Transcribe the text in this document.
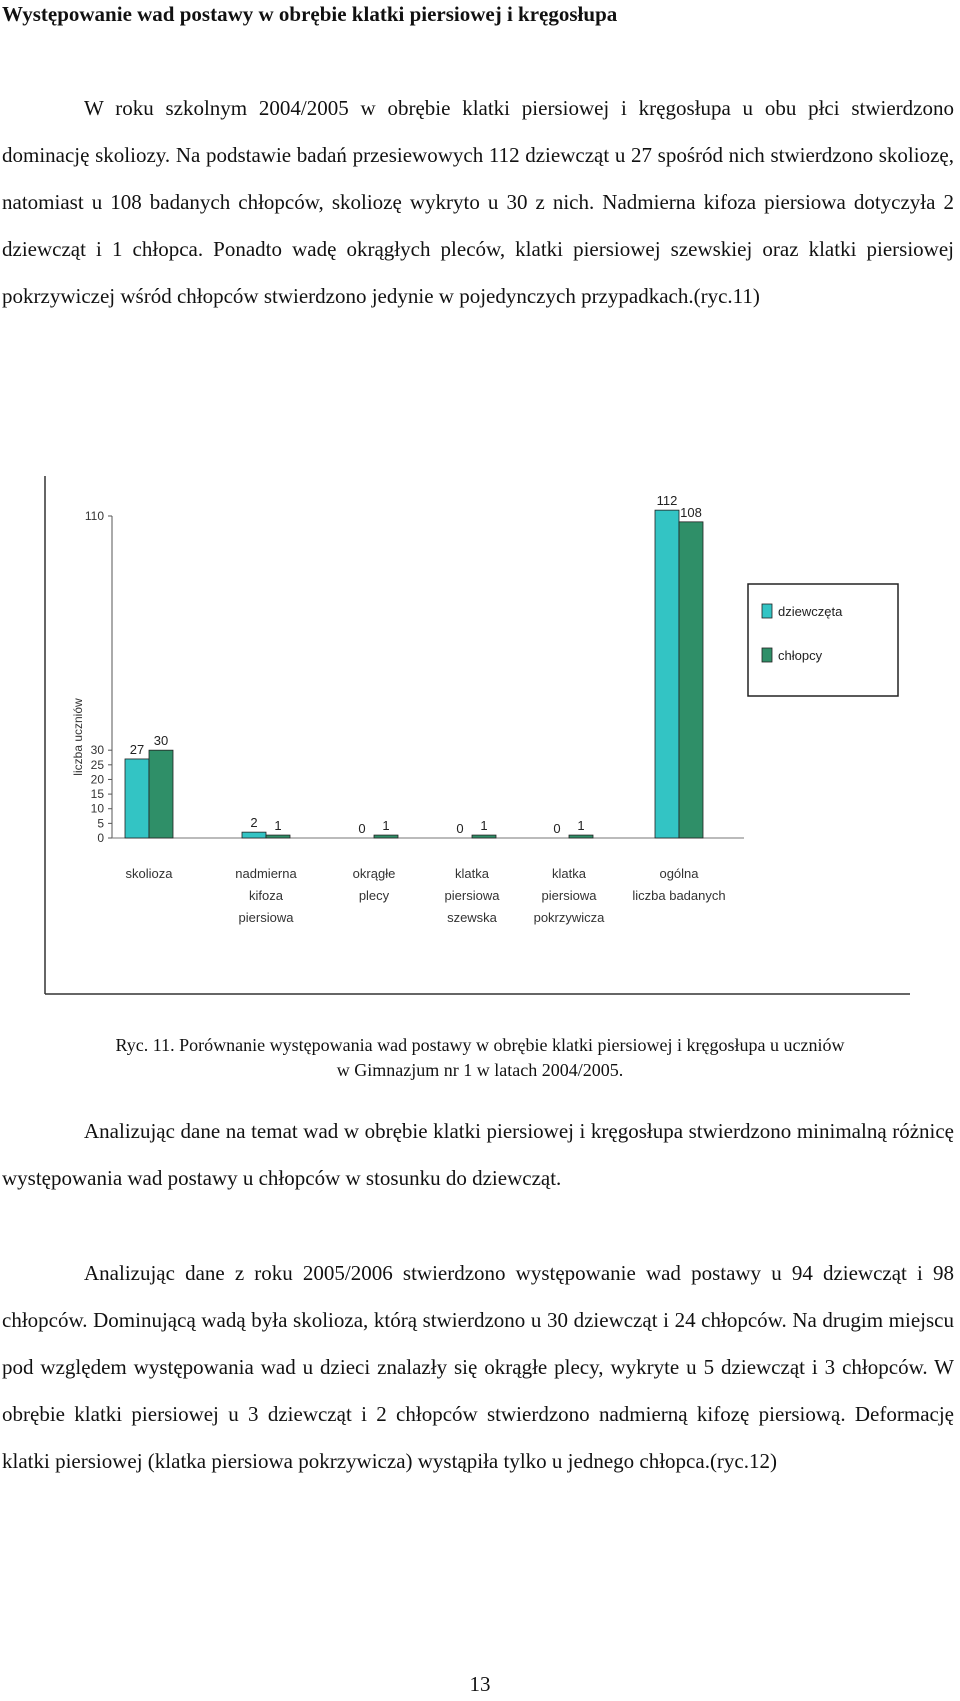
Występowanie wad postawy w obrębie klatki piersiowej i kręgosłupa

W roku szkolnym 2004/2005 w obrębie klatki piersiowej i kręgosłupa u obu płci stwierdzono dominację skoliozy. Na podstawie badań przesiewowych 112 dziewcząt u 27 spośród nich stwierdzono skoliozę, natomiast u 108 badanych chłopców, skoliozę wykryto u 30 z nich. Nadmierna kifoza piersiowa dotyczyła 2 dziewcząt i 1 chłopca. Ponadto wadę okrągłych pleców, klatki piersiowej szewskiej oraz klatki piersiowej pokrzywiczej wśród chłopców stwierdzono jedynie w pojedynczych przypadkach.(ryc.11)

0
5
10
15
20
25
30
110
liczba uczniów	27
2	0	0	0
112
30
1	1	1	1
108
skolioza	nadmierna
kifoza
piersiowa
okrągłe
plecy
klatka
piersiowa
szewska
klatka
piersiowa
pokrzywicza
ogólna
liczba badanych
dziewczęta
chłopcy
Ryc. 11. Porównanie występowania wad postawy w obrębie klatki piersiowej i kręgosłupa u uczniów
w Gimnazjum nr 1 w latach 2004/2005.

Analizując dane na temat wad w obrębie klatki piersiowej i kręgosłupa stwierdzono minimalną różnicę występowania wad postawy u chłopców w stosunku do dziewcząt.

Analizując dane z roku 2005/2006 stwierdzono występowanie wad postawy u 94 dziewcząt i 98 chłopców. Dominującą wadą była skolioza, którą stwierdzono u 30 dziewcząt i 24 chłopców. Na drugim miejscu pod względem występowania wad u dzieci znalazły się okrągłe plecy, wykryte u 5 dziewcząt i 3 chłopców. W obrębie klatki piersiowej u 3 dziewcząt i 2 chłopców stwierdzono nadmierną kifozę piersiową. Deformację klatki piersiowej (klatka piersiowa pokrzywicza) wystąpiła tylko u jednego chłopca.(ryc.12)

13
